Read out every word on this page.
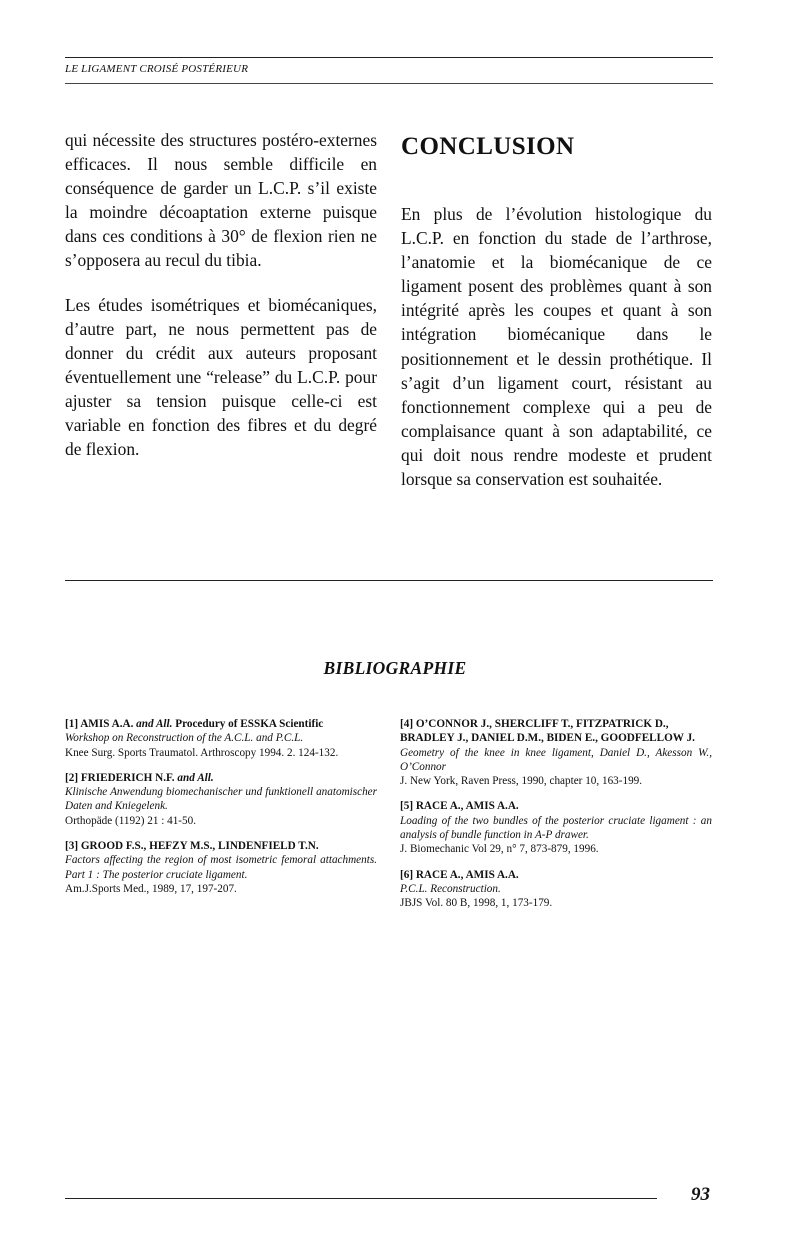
LE LIGAMENT CROISÉ POSTÉRIEUR

qui nécessite des structures postéro-externes efficaces. Il nous semble difficile en conséquence de garder un L.C.P. s’il existe la moindre décoaptation externe puisque dans ces conditions à 30° de flexion rien ne s’opposera au recul du tibia.

Les études isométriques et biomécaniques, d’autre part, ne nous permettent pas de donner du crédit aux auteurs proposant éventuellement une “release” du L.C.P. pour ajuster sa tension puisque celle-ci est variable en fonction des fibres et du degré de flexion.

CONCLUSION

En plus de l’évolution histologique du L.C.P. en fonction du stade de l’arthrose, l’anatomie et la biomécanique de ce ligament posent des problèmes quant à son intégrité après les coupes et quant à son intégration biomécanique dans le positionnement et le dessin prothétique. Il s’agit d’un ligament court, résistant au fonctionnement complexe qui a peu de complaisance quant à son adaptabilité, ce qui doit nous rendre modeste et prudent lorsque sa conservation est souhaitée.

BIBLIOGRAPHIE
[1] AMIS A.A. and All. Procedury of ESSKA Scientific
Workshop on Reconstruction of the A.C.L. and P.C.L.
Knee Surg. Sports Traumatol. Arthroscopy 1994. 2. 124-132.
[2] FRIEDERICH N.F. and All.
Klinische Anwendung biomechanischer und funktionell anatomischer Daten and Kniegelenk.
Orthopäde (1192) 21 : 41-50.
[3] GROOD F.S., HEFZY M.S., LINDENFIELD T.N.
Factors affecting the region of most isometric femoral attachments. Part 1 : The posterior cruciate ligament.
Am.J.Sports Med., 1989, 17, 197-207.
[4] O’CONNOR J., SHERCLIFF T., FITZPATRICK D., BRADLEY J., DANIEL D.M., BIDEN E., GOODFELLOW J.
Geometry of the knee in knee ligament, Daniel D., Akesson W., O’Connor
J. New York, Raven Press, 1990, chapter 10, 163-199.
[5] RACE A., AMIS A.A.
Loading of the two bundles of the posterior cruciate ligament : an analysis of bundle function in A-P drawer.
J. Biomechanic Vol 29, n° 7, 873-879, 1996.
[6] RACE A., AMIS A.A.
P.C.L. Reconstruction.
JBJS Vol. 80 B, 1998, 1, 173-179.
93
